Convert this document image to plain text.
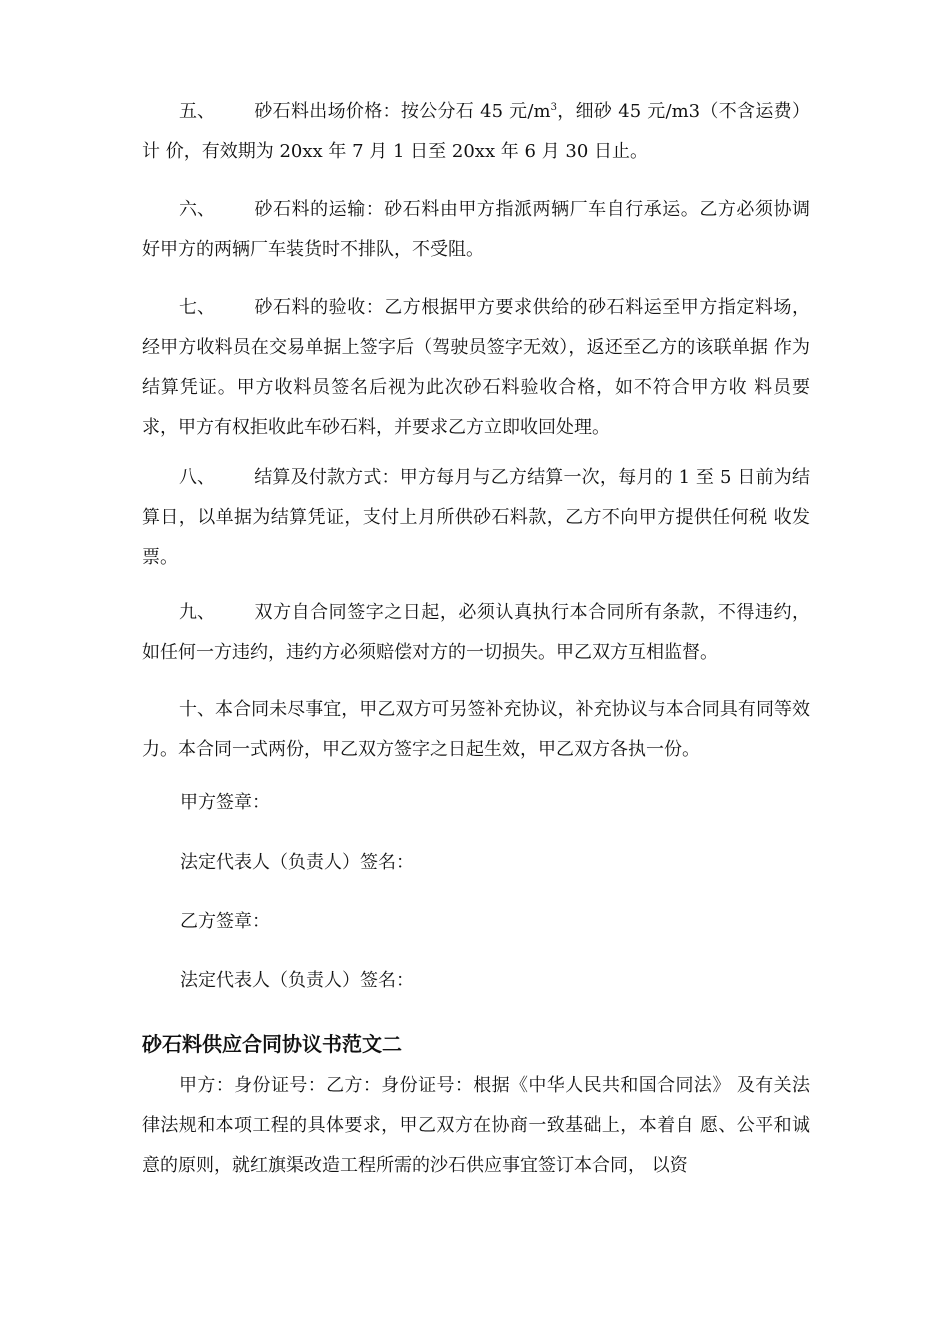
五、 砂石料出场价格：按公分石 45 元$/m^3$，细砂 45 元/m3（不含运费）计 价，有效期为 20xx 年 7 月 1 日至 20xx 年 6 月 30 日止。

六、 砂石料的运输：砂石料由甲方指派两辆厂车自行承运。乙方必须协调 好甲方的两辆厂车装货时不排队，不受阻。

七、 砂石料的验收：乙方根据甲方要求供给的砂石料运至甲方指定料场， 经甲方收料员在交易单据上签字后（驾驶员签字无效），返还至乙方的该联单据 作为结算凭证。甲方收料员签名后视为此次砂石料验收合格，如不符合甲方收 料员要求，甲方有权拒收此车砂石料，并要求乙方立即收回处理。

八、 结算及付款方式：甲方每月与乙方结算一次，每月的 1 至 5 日前为结 算日，以单据为结算凭证，支付上月所供砂石料款，乙方不向甲方提供任何税 收发票。

九、 双方自合同签字之日起，必须认真执行本合同所有条款，不得违约， 如任何一方违约，违约方必须赔偿对方的一切损失。甲乙双方互相监督。

十、本合同未尽事宜，甲乙双方可另签补充协议，补充协议与本合同具有同等效力。本合同一式两份，甲乙双方签字之日起生效，甲乙双方各执一份。

甲方签章：

法定代表人（负责人）签名：

乙方签章：

法定代表人（负责人）签名：

砂石料供应合同协议书范文二

甲方：身份证号：乙方：身份证号：根据《中华人民共和国合同法》 及有关法律法规和本项工程的具体要求，甲乙双方在协商一致基础上，本着自 愿、公平和诚意的原则，就红旗渠改造工程所需的沙石供应事宜签订本合同， 以资
